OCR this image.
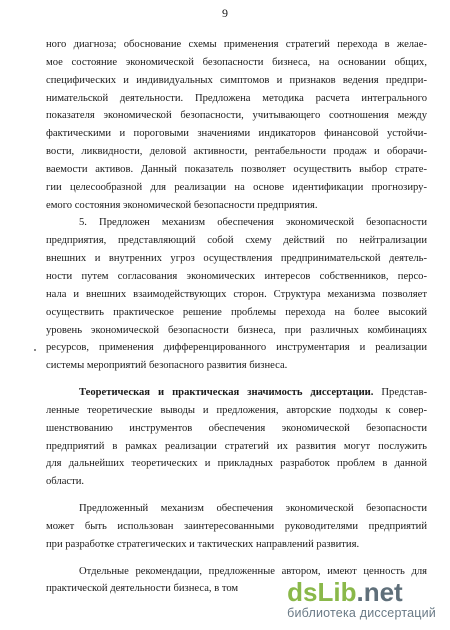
9
ного диагноза; обоснование схемы применения стратегий перехода в желае-
мое состояние экономической безопасности бизнеса, на основании общих,
специфических и индивидуальных симптомов и признаков ведения предпри-
нимательской деятельности. Предложена методика расчета интегрального
показателя экономической безопасности, учитывающего соотношения между
фактическими и пороговыми значениями индикаторов финансовой устойчи-
вости, ликвидности, деловой активности, рентабельности продаж и оборачи-
ваемости активов. Данный показатель позволяет осуществить выбор страте-
гии целесообразной для реализации на основе идентификации прогнозиру-
емого состояния экономической безопасности предприятия.
5. Предложен механизм обеспечения экономической безопасности
предприятия, представляющий собой схему действий по нейтрализации
внешних и внутренних угроз осуществления предпринимательской деятель-
ности путем согласования экономических интересов собственников, персо-
нала и внешних взаимодействующих сторон. Структура механизма позволяет
осуществить практическое решение проблемы перехода на более высокий
уровень экономической безопасности бизнеса, при различных комбинациях
ресурсов, применения дифференцированного инструментария и реализации
системы мероприятий безопасного развития бизнеса.
Теоретическая и практическая значимость диссертации. Представ-
ленные теоретические выводы и предложения, авторские подходы к совер-
шенствованию инструментов обеспечения экономической безопасности
предприятий в рамках реализации стратегий их развития могут послужить
для дальнейших теоретических и прикладных разработок проблем в данной
области.
Предложенный механизм обеспечения экономической безопасности
может быть использован заинтересованными руководителями предприятий
при разработке стратегических и тактических направлений развития.
Отдельные рекомендации, предложенные автором, имеют ценность для
практической деятельности бизнеса, в том	dsLib.net
библиотека диссертаций
